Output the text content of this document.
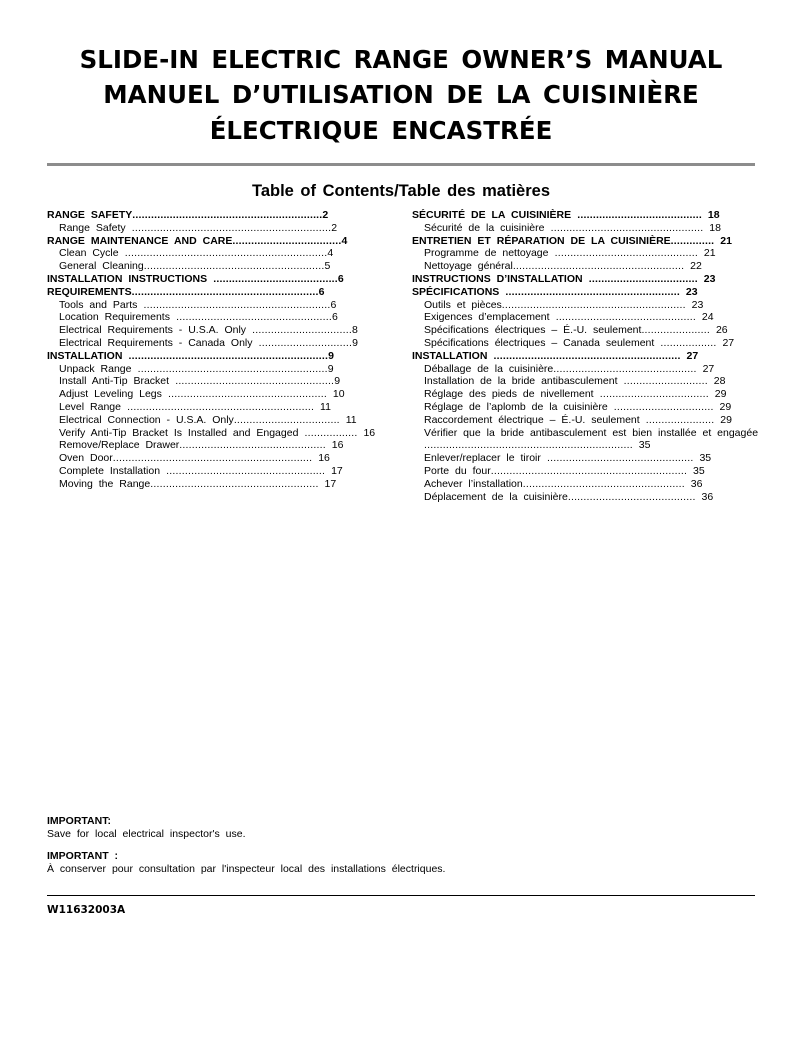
SLIDE-IN ELECTRIC RANGE OWNER’S MANUAL
MANUEL D’UTILISATION DE LA CUISINIÈRE
ÉLECTRIQUE ENCASTRÉE
Table of Contents/Table des matières
RANGE SAFETY.............................................................2
Range Safety ................................................................2
RANGE MAINTENANCE AND CARE...................................4
Clean Cycle .................................................................4
General Cleaning..........................................................5
INSTALLATION INSTRUCTIONS ........................................6
REQUIREMENTS............................................................6
Tools and Parts ............................................................6
Location Requirements ..................................................6
Electrical Requirements - U.S.A. Only ................................8
Electrical Requirements - Canada Only ..............................9
INSTALLATION ................................................................9
Unpack Range .............................................................9
Install Anti-Tip Bracket ...................................................9
Adjust Leveling Legs ................................................... 10
Level Range ............................................................ 11
Electrical Connection - U.S.A. Only.................................. 11
Verify Anti-Tip Bracket Is Installed and Engaged ................. 16
Remove/Replace Drawer............................................... 16
Oven Door................................................................ 16
Complete Installation ................................................... 17
Moving the Range...................................................... 17
SÉCURITÉ DE LA CUISINIÈRE ........................................ 18
Sécurité de la cuisinière ................................................. 18
ENTRETIEN ET RÉPARATION DE LA CUISINIÈRE.............. 21
Programme de nettoyage .............................................. 21
Nettoyage général....................................................... 22
INSTRUCTIONS D’INSTALLATION ................................... 23
SPÉCIFICATIONS ........................................................ 23
Outils et pièces........................................................... 23
Exigences d’emplacement ............................................. 24
Spécifications électriques – É.-U. seulement...................... 26
Spécifications électriques – Canada seulement .................. 27
INSTALLATION ............................................................ 27
Déballage de la cuisinière.............................................. 27
Installation de la bride antibasculement ........................... 28
Réglage des pieds de nivellement ................................... 29
Réglage de l’aplomb de la cuisinière ................................ 29
Raccordement électrique – É.-U. seulement ...................... 29
Vérifier que la bride antibasculement est bien installée et engagée ................................................................... 35
Enlever/replacer le tiroir ............................................... 35
Porte du four............................................................... 35
Achever l’installation.................................................... 36
Déplacement de la cuisinière......................................... 36
IMPORTANT:
Save for local electrical inspector's use.
IMPORTANT :
À conserver pour consultation par l'inspecteur local des installations électriques.
W11632003A
